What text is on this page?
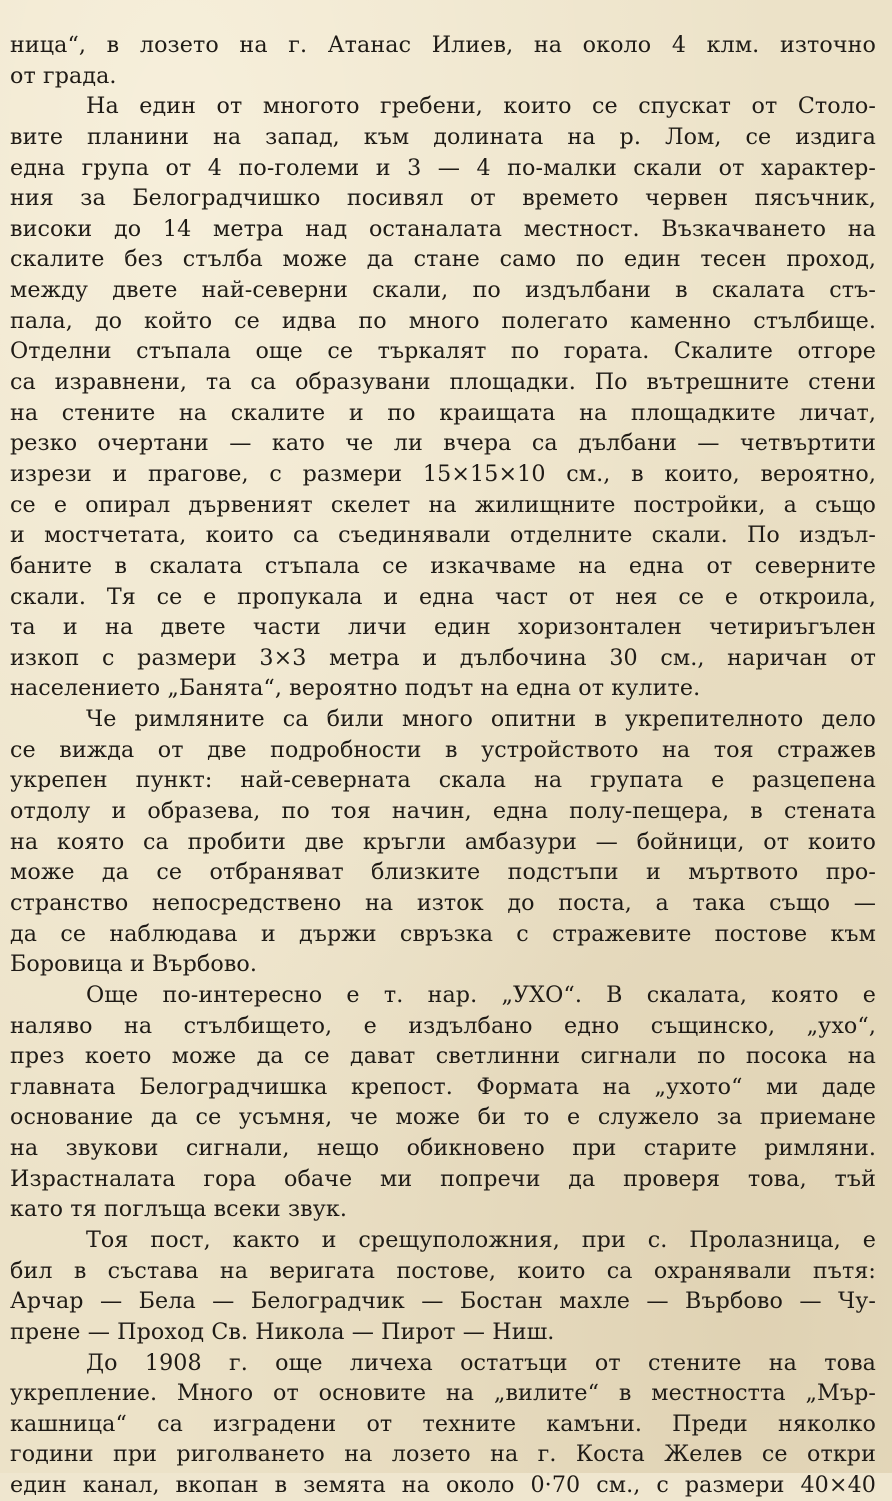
ница“, в лозето на г. Атанас Илиев, на около 4 клм. източно
от града.
На един от многото гребени, които се спускат от Столо-
вите планини на запад, към долината на р. Лом, се издига
една група от 4 по-големи и 3 — 4 по-малки скали от характер-
ния за Белоградчишко посивял от времето червен пясъчник,
високи до 14 метра над останалата местност. Възкачването на
скалите без стълба може да стане само по един тесен проход,
между двете най-северни скали, по издълбани в скалата стъ-
пала, до който се идва по много полегато каменно стълбище.
Отделни стъпала още се търкалят по гората. Скалите отгоре
са изравнени, та са образувани площадки. По вътрешните стени
на стените на скалите и по краищата на площадките личат,
резко очертани — като че ли вчера са дълбани — четвъртити
изрези и прагове, с размери 15×15×10 см., в които, вероятно,
се е опирал дървеният скелет на жилищните постройки, а също
и мостчетата, които са съединявали отделните скали. По издъл-
баните в скалата стъпала се изкачваме на една от северните
скали. Тя се е пропукала и една част от нея се е откроила,
та и на двете части личи един хоризонтален четириъгълен
изкоп с размери 3×3 метра и дълбочина 30 см., наричан от
населението „Банята“, вероятно подът на една от кулите.
Че римляните са били много опитни в укрепителното дело
се вижда от две подробности в устройството на тоя стражев
укрепен пункт: най-северната скала на групата е разцепена
отдолу и образева, по тоя начин, една полу-пещера, в стената
на която са пробити две кръгли амбазури — бойници, от които
може да се отбраняват близките подстъпи и мъртвото про-
странство непосредствено на изток до поста, а така също —
да се наблюдава и държи свръзка с стражевите постове към
Боровица и Върбово.
Още по-интересно е т. нар. „УХО“. В скалата, която е
наляво на стълбището, е издълбано едно същинско, „ухо“,
през което може да се дават светлинни сигнали по посока на
главната Белоградчишка крепост. Формата на „ухото“ ми даде
основание да се усъмня, че може би то е служело за приемане
на звукови сигнали, нещо обикновено при старите римляни.
Израстналата гора обаче ми попречи да проверя това, тъй
като тя поглъща всеки звук.
Тоя пост, както и срещуположния, при с. Пролазница, е
бил в състава на веригата постове, които са охранявали пътя:
Арчар — Бела — Белоградчик — Бостан махле — Върбово — Чу-
прене — Проход Св. Никола — Пирот — Ниш.
До 1908 г. още личеха остатъци от стените на това
укрепление. Много от основите на „вилите“ в местността „Мър-
кашница“ са изградени от техните камъни. Преди няколко
години при риголването на лозето на г. Коста Желев се откри
един канал, вкопан в земята на около 0·70 см., с размери 40×40
